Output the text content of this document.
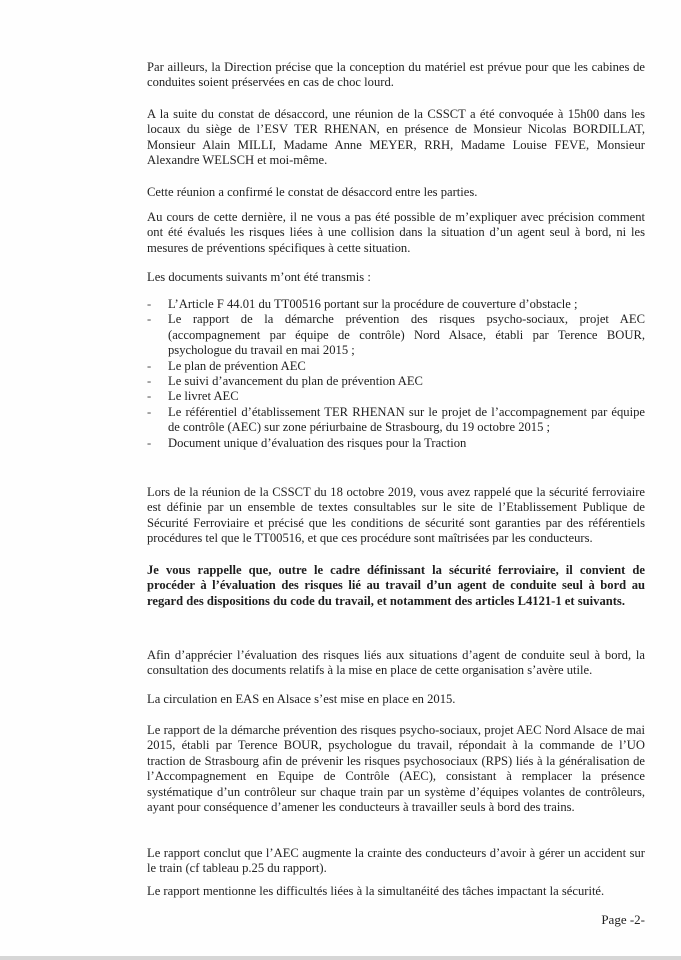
Par ailleurs, la Direction précise que la conception du matériel est prévue pour que les cabines de conduites soient préservées en cas de choc lourd.

A la suite du constat de désaccord, une réunion de la CSSCT a été convoquée à 15h00 dans les locaux du siège de l’ESV TER RHENAN, en présence de Monsieur Nicolas BORDILLAT, Monsieur Alain MILLI, Madame Anne MEYER, RRH, Madame Louise FEVE, Monsieur Alexandre WELSCH et moi-même.

Cette réunion a confirmé le constat de désaccord entre les parties.

Au cours de cette dernière, il ne vous a pas été possible de m’expliquer avec précision comment ont été évalués les risques liées à une collision dans la situation d’un agent seul à bord, ni les mesures de préventions spécifiques à cette situation.

Les documents suivants m’ont été transmis :

- L’Article F 44.01 du TT00516 portant sur la procédure de couverture d’obstacle ;
- Le rapport de la démarche prévention des risques psycho-sociaux, projet AEC (accompagnement par équipe de contrôle) Nord Alsace, établi par Terence BOUR, psychologue du travail en mai 2015 ;
- Le plan de prévention AEC
- Le suivi d’avancement du plan de prévention AEC
- Le livret AEC
- Le référentiel d’établissement TER RHENAN sur le projet de l’accompagnement par équipe de contrôle (AEC) sur zone périurbaine de Strasbourg, du 19 octobre 2015 ;
- Document unique d’évaluation des risques pour la Traction

Lors de la réunion de la CSSCT du 18 octobre 2019, vous avez rappelé que la sécurité ferroviaire est définie par un ensemble de textes consultables sur le site de l’Etablissement Publique de Sécurité Ferroviaire et précisé que les conditions de sécurité sont garanties par des référentiels procédures tel que le TT00516, et que ces procédure sont maîtrisées par les conducteurs.

Je vous rappelle que, outre le cadre définissant la sécurité ferroviaire, il convient de procéder à l’évaluation des risques lié au travail d’un agent de conduite seul à bord au regard des dispositions du code du travail, et notamment des articles L4121-1 et suivants.

Afin d’apprécier l’évaluation des risques liés aux situations d’agent de conduite seul à bord, la consultation des documents relatifs à la mise en place de cette organisation s’avère utile.

La circulation en EAS en Alsace s’est mise en place en 2015.

Le rapport de la démarche prévention des risques psycho-sociaux, projet AEC Nord Alsace de mai 2015, établi par Terence BOUR, psychologue du travail, répondait à la commande de l’UO traction de Strasbourg afin de prévenir les risques psychosociaux (RPS) liés à la généralisation de l’Accompagnement en Equipe de Contrôle (AEC), consistant à remplacer la présence systématique d’un contrôleur sur chaque train par un système d’équipes volantes de contrôleurs, ayant pour conséquence d’amener les conducteurs à travailler seuls à bord des trains.

Le rapport conclut que l’AEC augmente la crainte des conducteurs d’avoir à gérer un accident sur le train (cf tableau p.25 du rapport).

Le rapport mentionne les difficultés liées à la simultanéité des tâches impactant la sécurité.

Page -2-
